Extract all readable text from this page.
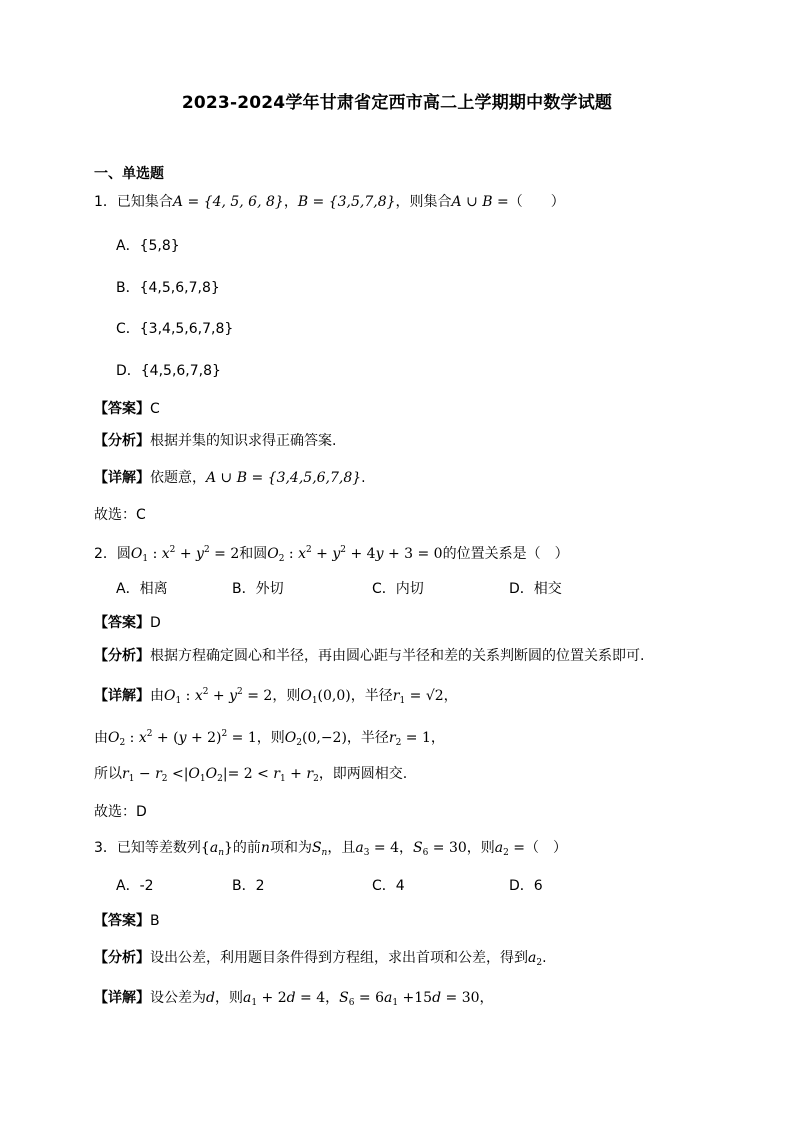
2023-2024学年甘肃省定西市高二上学期期中数学试题
一、单选题
1．已知集合A = {4, 5, 6, 8}，B = {3,5,7,8}，则集合A ∪ B =（　　）
A．{5,8}
B．{4,5,6,7,8}
C．{3,4,5,6,7,8}
D．{4,5,6,7,8}
【答案】C
【分析】根据并集的知识求得正确答案.
【详解】依题意，A ∪ B = {3,4,5,6,7,8}.
故选：C
2．圆$O_1$ : $x^2 + y^2 = 2$和圆$O_2$ : $x^2 + y^2 + 4y + 3 = 0$的位置关系是（　）
A．相离	B．外切	C．内切	D．相交
【答案】D
【分析】根据方程确定圆心和半径，再由圆心距与半径和差的关系判断圆的位置关系即可.
【详解】由$O_1$ : $x^2 + y^2 = 2$，则$O_1(0,0)$，半径$r_1 = √2$，
由$O_2$ : $x^2 + (y + 2)^2 = 1$，则$O_2(0,-2)$，半径$r_2 = 1$，
所以$r_1 - r_2 <|O_1O_2|= 2 < r_1 + r_2$，即两圆相交.
故选：D
3．已知等差数列$\{a_n\}$的前n项和为$S_n$，且$a_3 = 4$，$S_6 = 30$，则$a_2$ =（　）
A．-2	B．2	C．4	D．6
【答案】B
【分析】设出公差，利用题目条件得到方程组，求出首项和公差，得到$a_2$.
【详解】设公差为d，则$a_1 + 2d = 4$，$S_6 = 6a_1 +15d = 30$，
